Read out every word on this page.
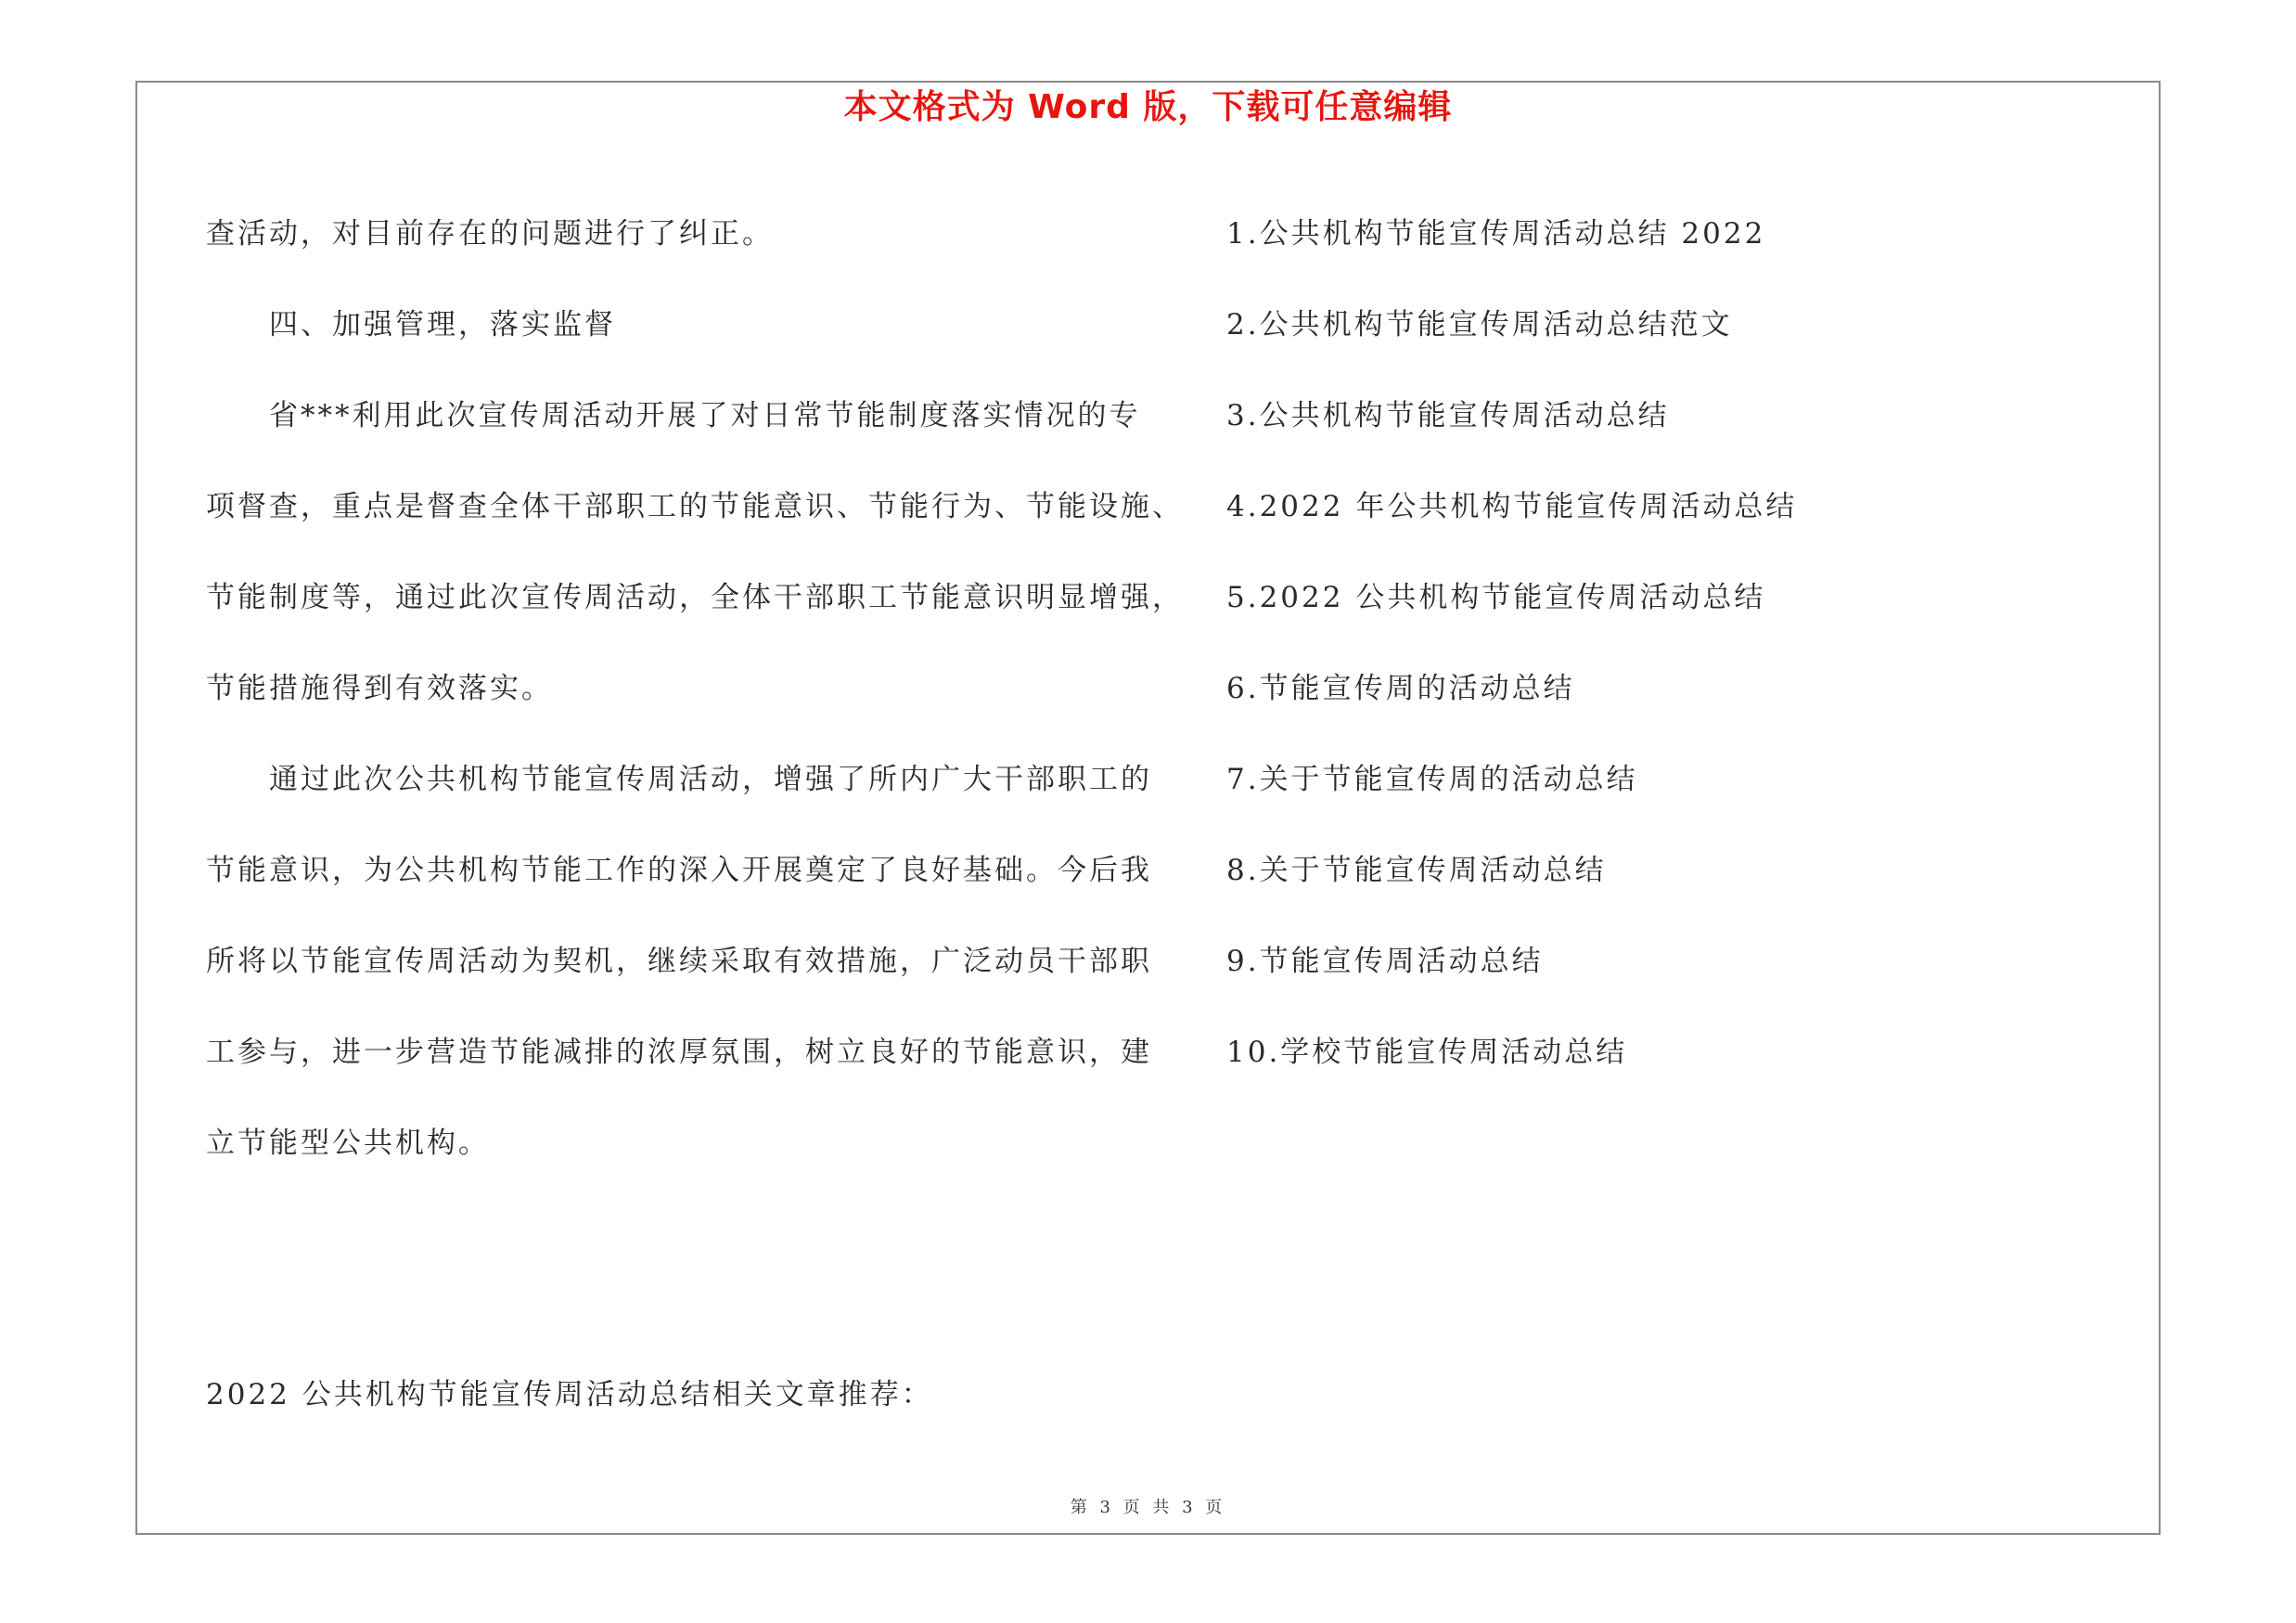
本文格式为 Word 版，下载可任意编辑
查活动，对目前存在的问题进行了纠正。
　　四、加强管理，落实监督
　　省***利用此次宣传周活动开展了对日常节能制度落实情况的专
项督查，重点是督查全体干部职工的节能意识、节能行为、节能设施、
节能制度等，通过此次宣传周活动，全体干部职工节能意识明显增强，
节能措施得到有效落实。
　　通过此次公共机构节能宣传周活动，增强了所内广大干部职工的
节能意识，为公共机构节能工作的深入开展奠定了良好基础。今后我
所将以节能宣传周活动为契机，继续采取有效措施，广泛动员干部职
工参与，进一步营造节能减排的浓厚氛围，树立良好的节能意识，建
立节能型公共机构。
1.公共机构节能宣传周活动总结 2022
2.公共机构节能宣传周活动总结范文
3.公共机构节能宣传周活动总结
4.2022 年公共机构节能宣传周活动总结
5.2022 公共机构节能宣传周活动总结
6.节能宣传周的活动总结
7.关于节能宣传周的活动总结
8.关于节能宣传周活动总结
9.节能宣传周活动总结
10.学校节能宣传周活动总结
2022 公共机构节能宣传周活动总结相关文章推荐：
第 3 页 共 3 页
